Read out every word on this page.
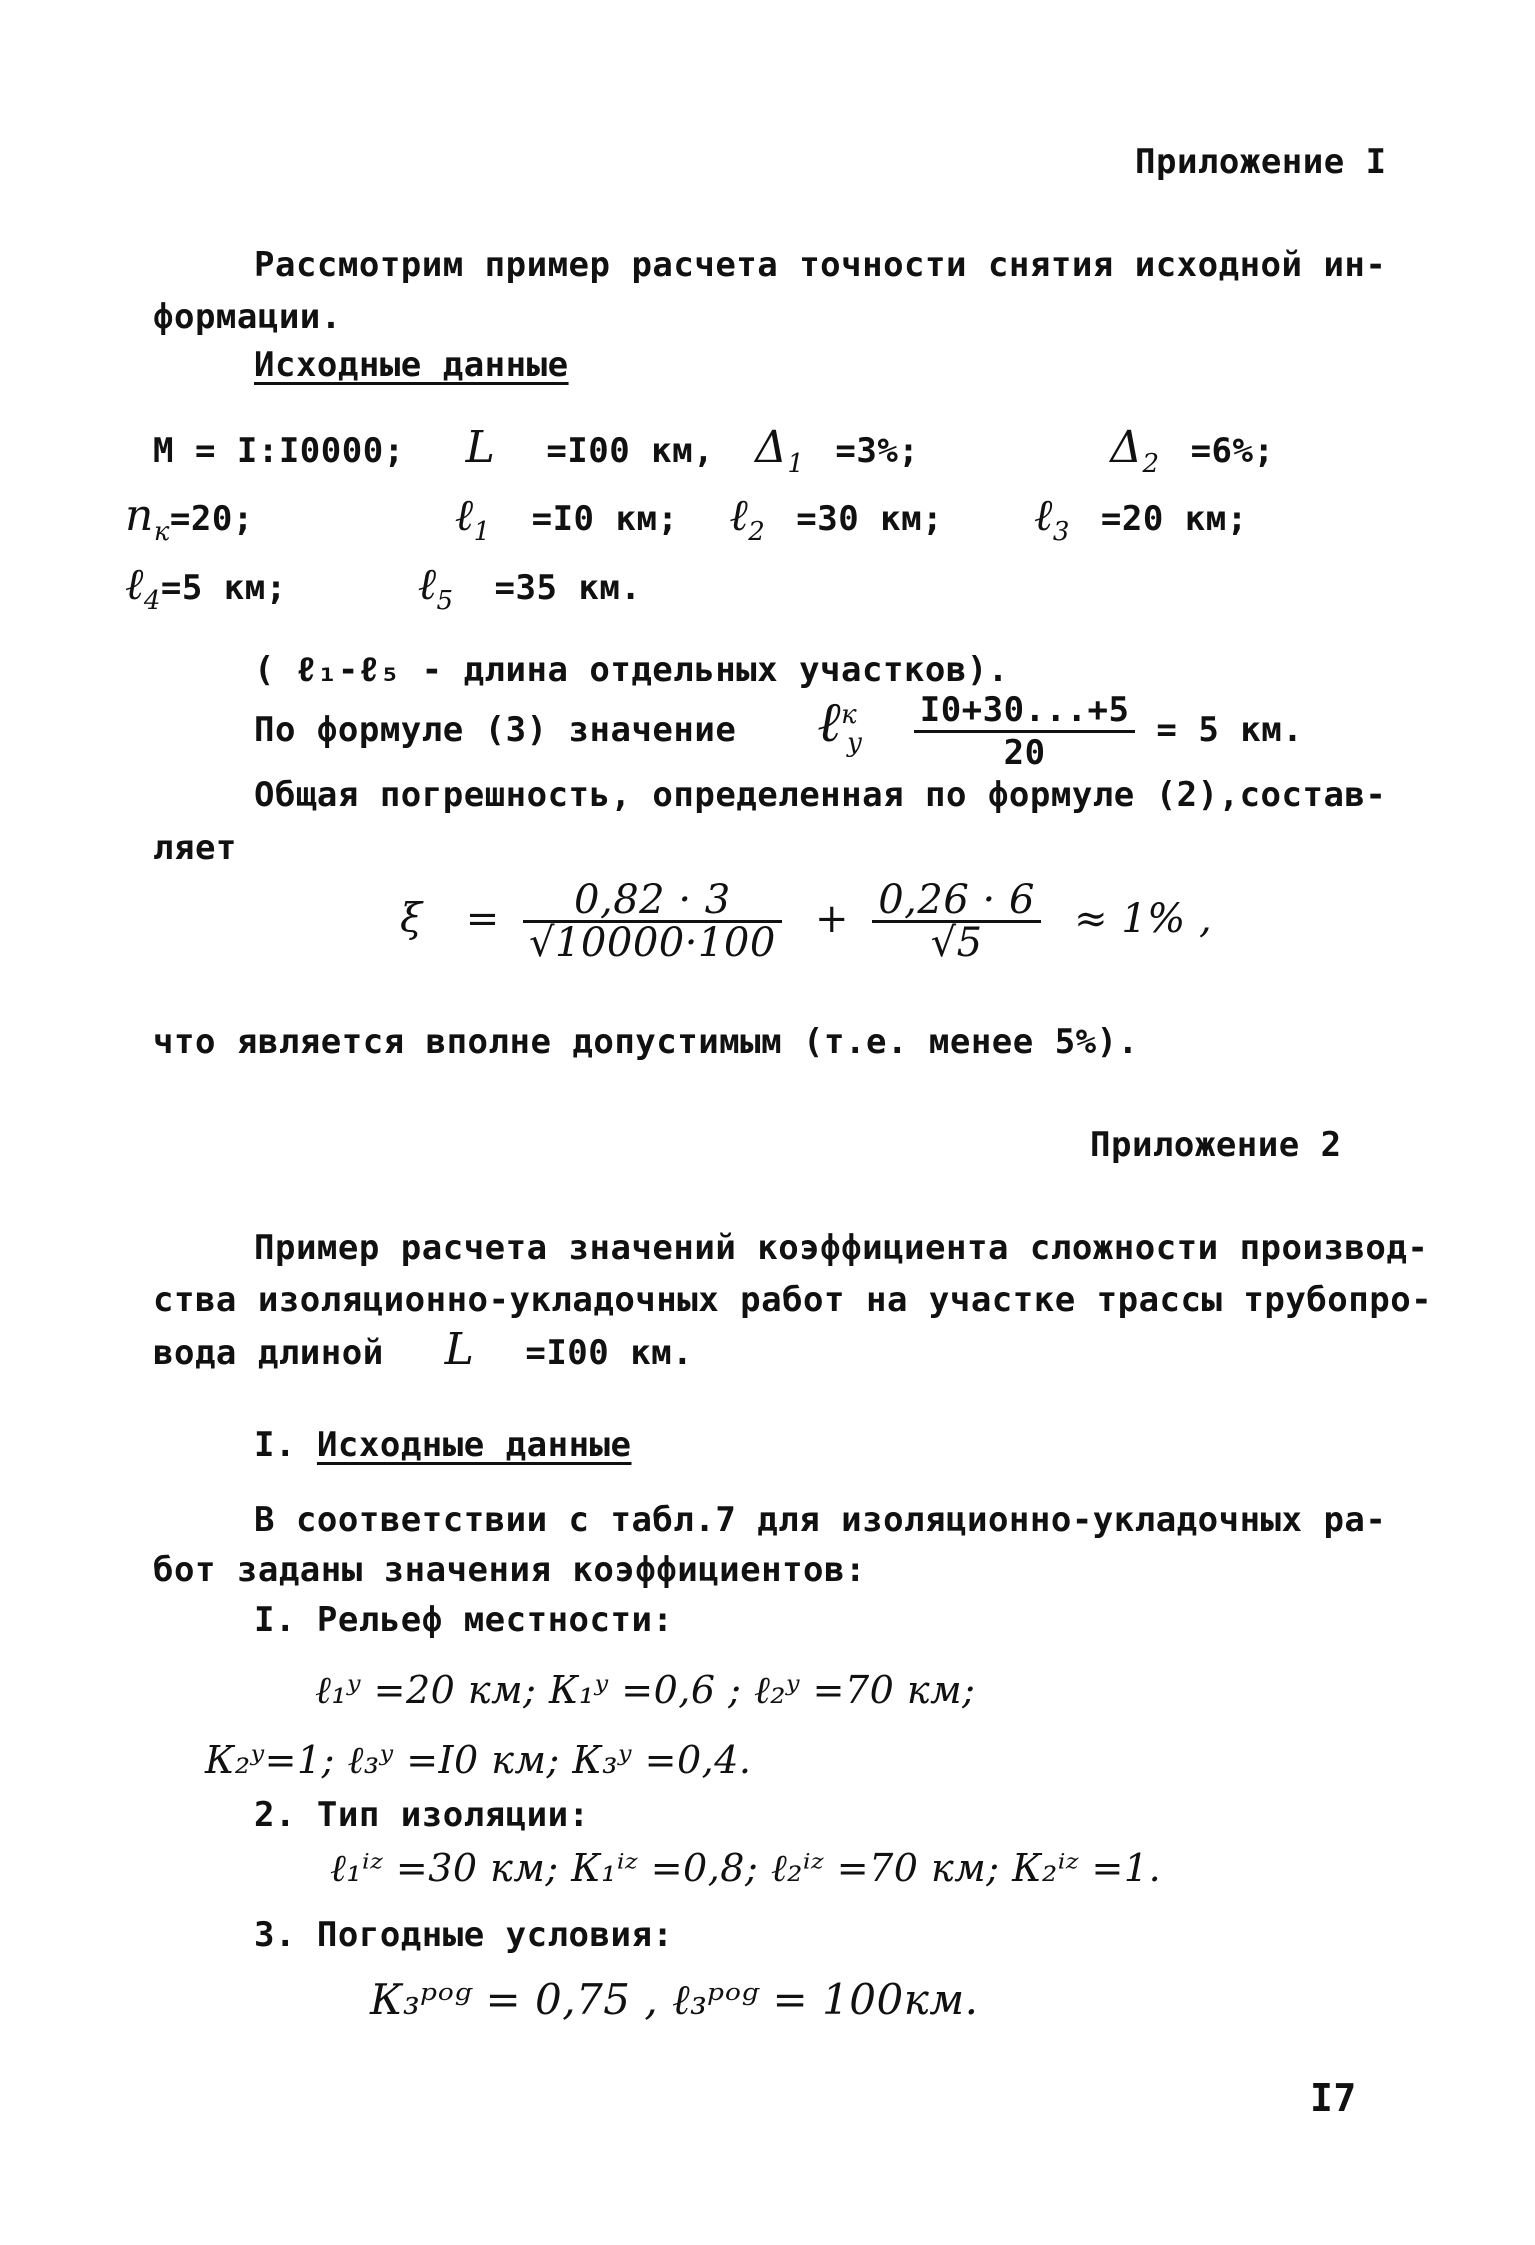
Приложение I
Рассмотрим пример расчета точности снятия исходной ин-
формации.
Исходные данные
М = I:I0000; L =I00 км, $\Delta_1 =3\%$;	$\Delta_2 =6\%$;
$n_к=20$;	ℓ$_1$ =I0 км; ℓ$_2$ =30 км; ℓ$_3$ =20 км;
ℓ$_4$=5 км;	ℓ$_5$ =35 км.
( ℓ₁-ℓ₅ - длина отдельных участков).
По формуле (3) значение ℓ$^к_у$ $\frac{I0+30...+5}{20} = 5$ км.
Общая погрешность, определенная по формуле (2),состав-
ляет
$\xi = \frac{0,82 \cdot 3}{√10000\cdot 100} + \frac{0,26 \cdot 6}{√5} \approx 1\%$ ,
что является вполне допустимым (т.е. менее 5%).
Приложение 2
Пример расчета значений коэффициента сложности производ-
ства изоляционно-укладочных работ на участке трассы трубопро-
вода длиной L =I00 км.
I. Исходные данные
В соответствии с табл.7 для изоляционно-укладочных ра-
бот заданы значения коэффициентов:
I. Рельеф местности:
ℓ₁ʸ =20 км; К₁ʸ =0,6 ; ℓ₂ʸ =70 км;
К₂ʸ=1; ℓ₃ʸ =I0 км; К₃ʸ =0,4.
2. Тип изоляции:
ℓ₁ⁱᶻ =30 км; К₁ⁱᶻ =0,8; ℓ₂ⁱᶻ =70 км; К₂ⁱᶻ =1.
3. Погодные условия:
К₃ᵖᵒᵍ = 0,75 , ℓ₃ᵖᵒᵍ = 100км.
I7
